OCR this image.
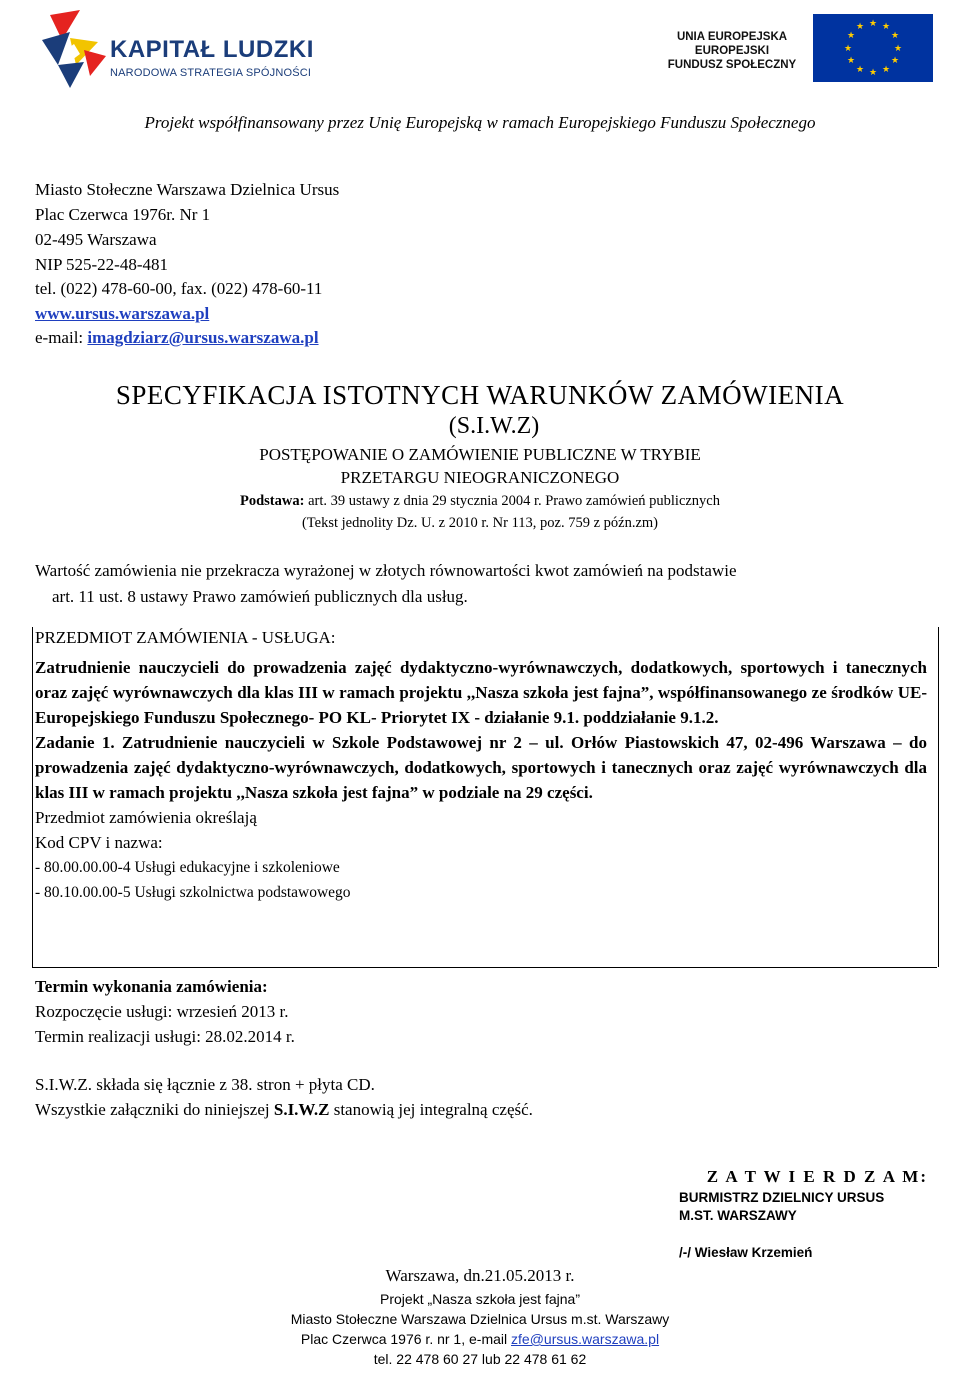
KAPITAŁ LUDZKI
NARODOWA STRATEGIA SPÓJNOŚCI
UNIA EUROPEJSKA
EUROPEJSKI
FUNDUSZ SPOŁECZNY
★ ★
★
★
★
★
★
★
★
★
★
★
Projekt współfinansowany przez Unię Europejską w ramach Europejskiego Funduszu Społecznego
Miasto Stołeczne Warszawa Dzielnica Ursus
Plac Czerwca 1976r. Nr 1
02-495 Warszawa
NIP 525-22-48-481
tel. (022) 478-60-00, fax. (022) 478-60-11
www.ursus.warszawa.pl
e-mail: imagdziarz@ursus.warszawa.pl
SPECYFIKACJA ISTOTNYCH WARUNKÓW ZAMÓWIENIA
(S.I.W.Z)
POSTĘPOWANIE O ZAMÓWIENIE PUBLICZNE W TRYBIE
PRZETARGU NIEOGRANICZONEGO
Podstawa: art. 39 ustawy z dnia 29 stycznia 2004 r. Prawo zamówień publicznych
(Tekst jednolity Dz. U. z 2010 r. Nr 113, poz. 759 z późn.zm)
Wartość zamówienia nie przekracza wyrażonej w złotych równowartości kwot zamówień na podstawie
art. 11 ust. 8 ustawy Prawo zamówień publicznych dla usług.
PRZEDMIOT ZAMÓWIENIA - USŁUGA:
Zatrudnienie nauczycieli do prowadzenia zajęć dydaktyczno-wyrównawczych, dodatkowych, sportowych i tanecznych oraz zajęć wyrównawczych dla klas III w ramach projektu ,,Nasza szkoła jest fajna”, współfinansowanego ze środków UE- Europejskiego Funduszu Społecznego- PO KL- Priorytet IX - działanie 9.1. poddziałanie 9.1.2.
Zadanie 1. Zatrudnienie nauczycieli w Szkole Podstawowej nr 2 – ul. Orłów Piastowskich 47, 02-496 Warszawa – do prowadzenia zajęć dydaktyczno-wyrównawczych, dodatkowych, sportowych i tanecznych oraz zajęć wyrównawczych dla klas III w ramach projektu ,,Nasza szkoła jest fajna” w podziale na 29 części.
Przedmiot zamówienia określają
Kod CPV i nazwa:
- 80.00.00.00-4 Usługi edukacyjne i szkoleniowe
- 80.10.00.00-5 Usługi szkolnictwa podstawowego
Termin wykonania zamówienia:
Rozpoczęcie usługi: wrzesień 2013 r.
Termin realizacji usługi: 28.02.2014 r.
S.I.W.Z. składa się łącznie z 38. stron + płyta CD.
Wszystkie załączniki do niniejszej S.I.W.Z stanowią jej integralną część.
Z A T W I E R D Z A M:
BURMISTRZ DZIELNICY URSUS
M.ST. WARSZAWY
/-/ Wiesław Krzemień
Warszawa, dn.21.05.2013 r.
Projekt „Nasza szkoła jest fajna”
Miasto Stołeczne Warszawa Dzielnica Ursus m.st. Warszawy
Plac Czerwca 1976 r. nr 1, e-mail zfe@ursus.warszawa.pl
tel. 22 478 60 27 lub 22 478 61 62
